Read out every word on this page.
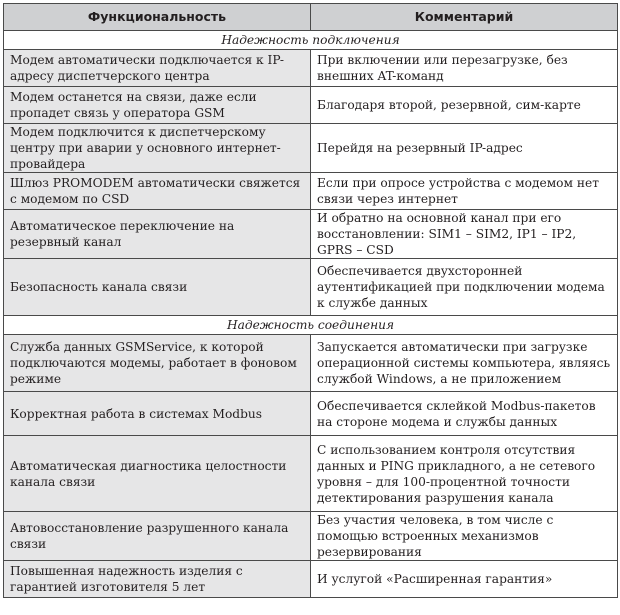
Функциональность	Комментарий
Надежность подключения	
Модем автоматически подключается к IP-адресу диспетчерского центра	При включении или перезагрузке, без внешних AT-команд
Модем останется на связи, даже если пропадет связь у оператора GSM	Благодаря второй, резервной, сим-карте
Модем подключится к диспетчерскому центру при аварии у основного интернет-провайдера	Перейдя на резервный IP-адрес
Шлюз PROMODEM автоматически свяжется с модемом по CSD	Если при опросе устройства с модемом нет связи через интернет
Автоматическое переключение на резервный канал	И обратно на основной канал при его восстановлении: SIM1 – SIM2, IP1 – IP2, GPRS – CSD
Безопасность канала связи	Обеспечивается двухсторонней аутентификацией при подключении модема к службе данных
Надежность соединения	
Служба данных GSMService, к которой подключаются модемы, работает в фоновом режиме	Запускается автоматически при загрузке операционной системы компьютера, являясь службой Windows, а не приложением
Корректная работа в системах Modbus	Обеспечивается склейкой Modbus-пакетов на стороне модема и службы данных
Автоматическая диагностика целостности канала связи	С использованием контроля отсутствия данных и PING прикладного, а не сетевого уровня – для 100-процентной точности детектирования разрушения канала
Автовосстановление разрушенного канала связи	Без участия человека, в том числе с помощью встроенных механизмов резервирования
Повышенная надежность изделия с гарантией изготовителя 5 лет	И услугой «Расширенная гарантия»
